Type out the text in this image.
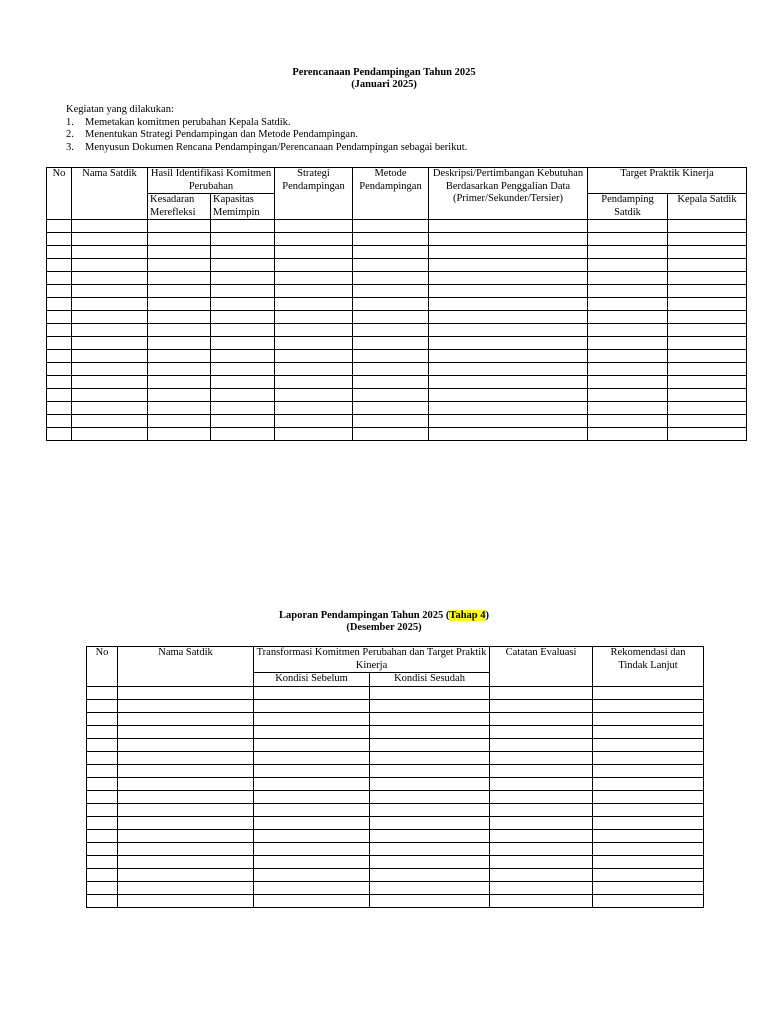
Perencanaan Pendampingan Tahun 2025
(Januari 2025)
Kegiatan yang dilakukan:
1.	Memetakan komitmen perubahan Kepala Satdik.
2.	Menentukan Strategi Pendampingan dan Metode Pendampingan.
3.	Menyusun Dokumen Rencana Pendampingan/Perencanaan Pendampingan sebagai berikut.
No	Nama Satdik	Hasil Identifikasi Komitmen Perubahan		Strategi Pendampingan	Metode Pendampingan	Deskripsi/Pertimbangan Kebutuhan Berdasarkan Penggalian Data (Primer/Sekunder/Tersier)	Target Praktik Kinerja	
		Kesadaran Merefleksi	Kapasitas Memimpin				Pendamping Satdik	Kepala Satdik

Laporan Pendampingan Tahun 2025 (Tahap 4)
(Desember 2025)
No	Nama Satdik	Transformasi Komitmen Perubahan dan Target Praktik Kinerja		Catatan Evaluasi	Rekomendasi dan Tindak Lanjut
		Kondisi Sebelum	Kondisi Sesudah		
